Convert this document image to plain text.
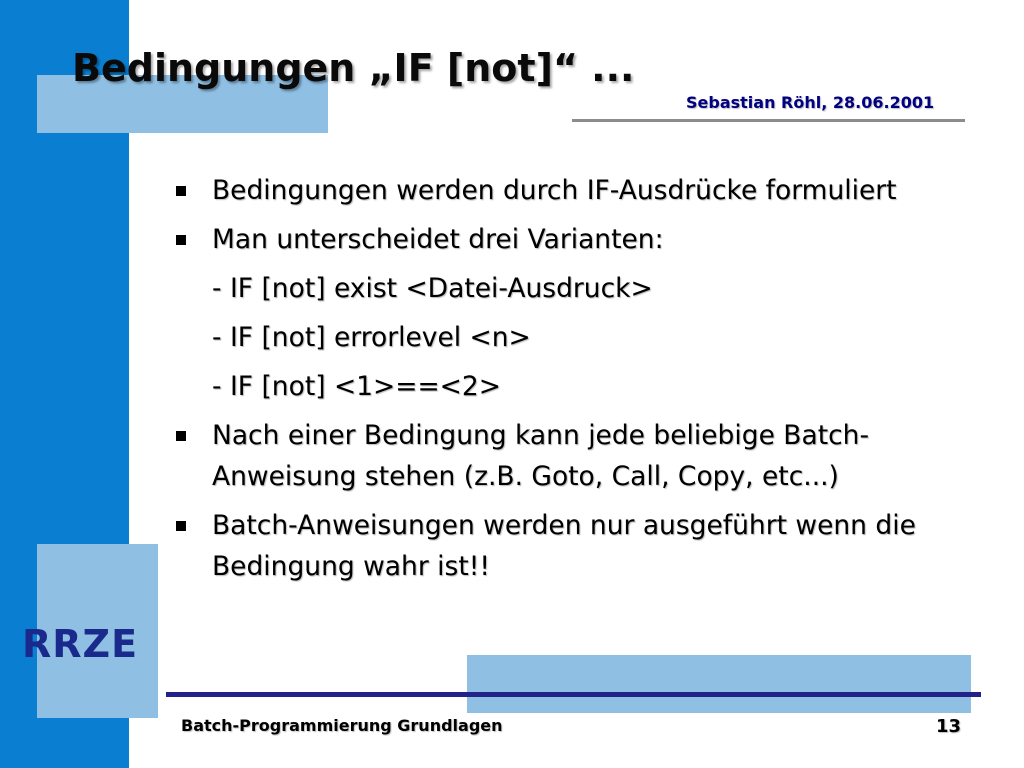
Bedingungen „IF [not]“ ...
Sebastian Röhl, 28.06.2001
Bedingungen werden durch IF-Ausdrücke formuliert
Man unterscheidet drei Varianten:
- IF [not] exist <Datei-Ausdruck>
- IF [not] errorlevel <n>
- IF [not] <1>==<2>
Nach einer Bedingung kann jede beliebige Batch-Anweisung stehen (z.B. Goto, Call, Copy, etc...)
Batch-Anweisungen werden nur ausgeführt wenn die Bedingung wahr ist!!
RRZE
Batch-Programmierung Grundlagen	13
